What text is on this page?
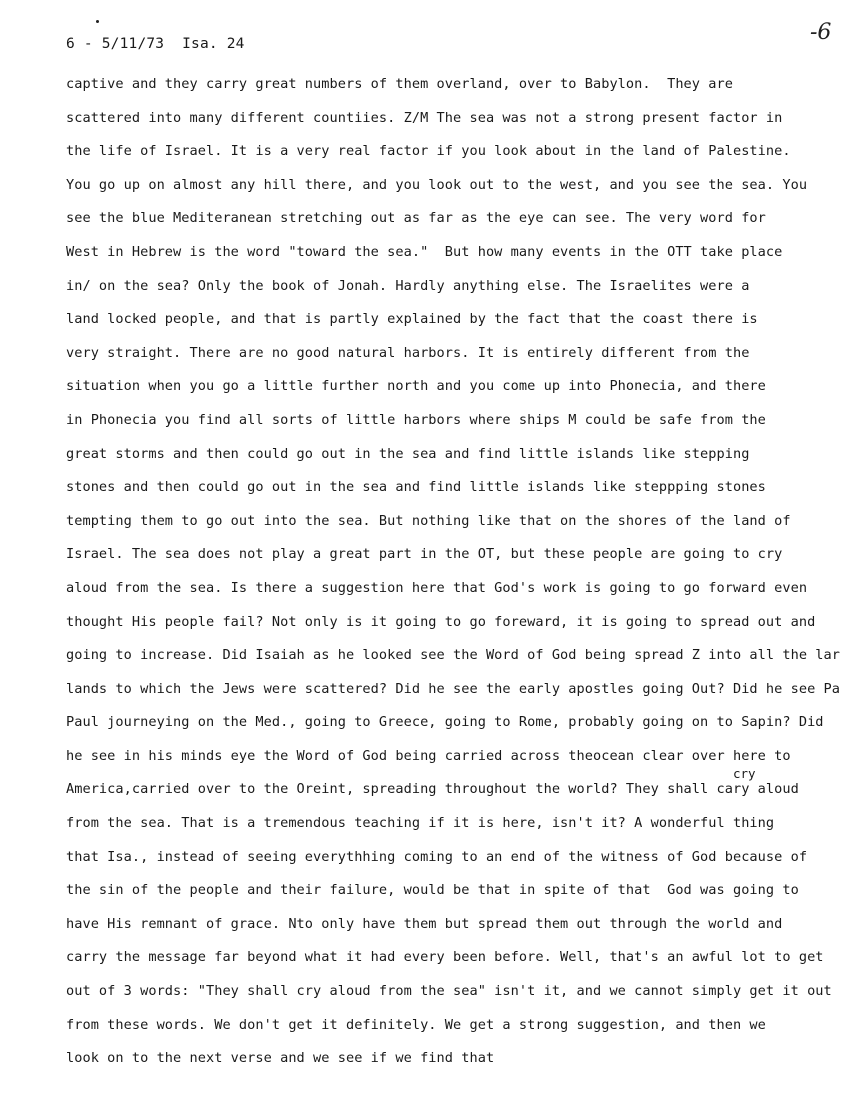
6 - 5/11/73  Isa. 24	-6
cry
captive and they carry great numbers of them overland, over to Babylon.  They are
scattered into many different countiies. Z/M The sea was not a strong present factor in
the life of Israel. It is a very real factor if you look about in the land of Palestine.
You go up on almost any hill there, and you look out to the west, and you see the sea. You
see the blue Mediteranean stretching out as far as the eye can see. The very word for
West in Hebrew is the word "toward the sea."  But how many events in the OTT take place
in/ on the sea? Only the book of Jonah. Hardly anything else. The Israelites were a
land locked people, and that is partly explained by the fact that the coast there is
very straight. There are no good natural harbors. It is entirely different from the
situation when you go a little further north and you come up into Phonecia, and there
in Phonecia you find all sorts of little harbors where ships M could be safe from the
great storms and then could go out in the sea and find little islands like stepping
stones and then could go out in the sea and find little islands like steppping stones
tempting them to go out into the sea. But nothing like that on the shores of the land of
Israel. The sea does not play a great part in the OT, but these people are going to cry
aloud from the sea. Is there a suggestion here that God's work is going to go forward even
thought His people fail? Not only is it going to go foreward, it is going to spread out and
going to increase. Did Isaiah as he looked see the Word of God being spread Z into all the lar
lands to which the Jews were scattered? Did he see the early apostles going Out? Did he see Pa
Paul journeying on the Med., going to Greece, going to Rome, probably going on to Sapin? Did
he see in his minds eye the Word of God being carried across theocean clear over here to
America,carried over to the Oreint, spreading throughout the world? They shall cary aloud
from the sea. That is a tremendous teaching if it is here, isn't it? A wonderful thing
that Isa., instead of seeing everythhing coming to an end of the witness of God because of
the sin of the people and their failure, would be that in spite of that  God was going to
have His remnant of grace. Nto only have them but spread them out through the world and
carry the message far beyond what it had every been before. Well, that's an awful lot to get
out of 3 words: "They shall cry aloud from the sea" isn't it, and we cannot simply get it out
from these words. We don't get it definitely. We get a strong suggestion, and then we
look on to the next verse and we see if we find that
